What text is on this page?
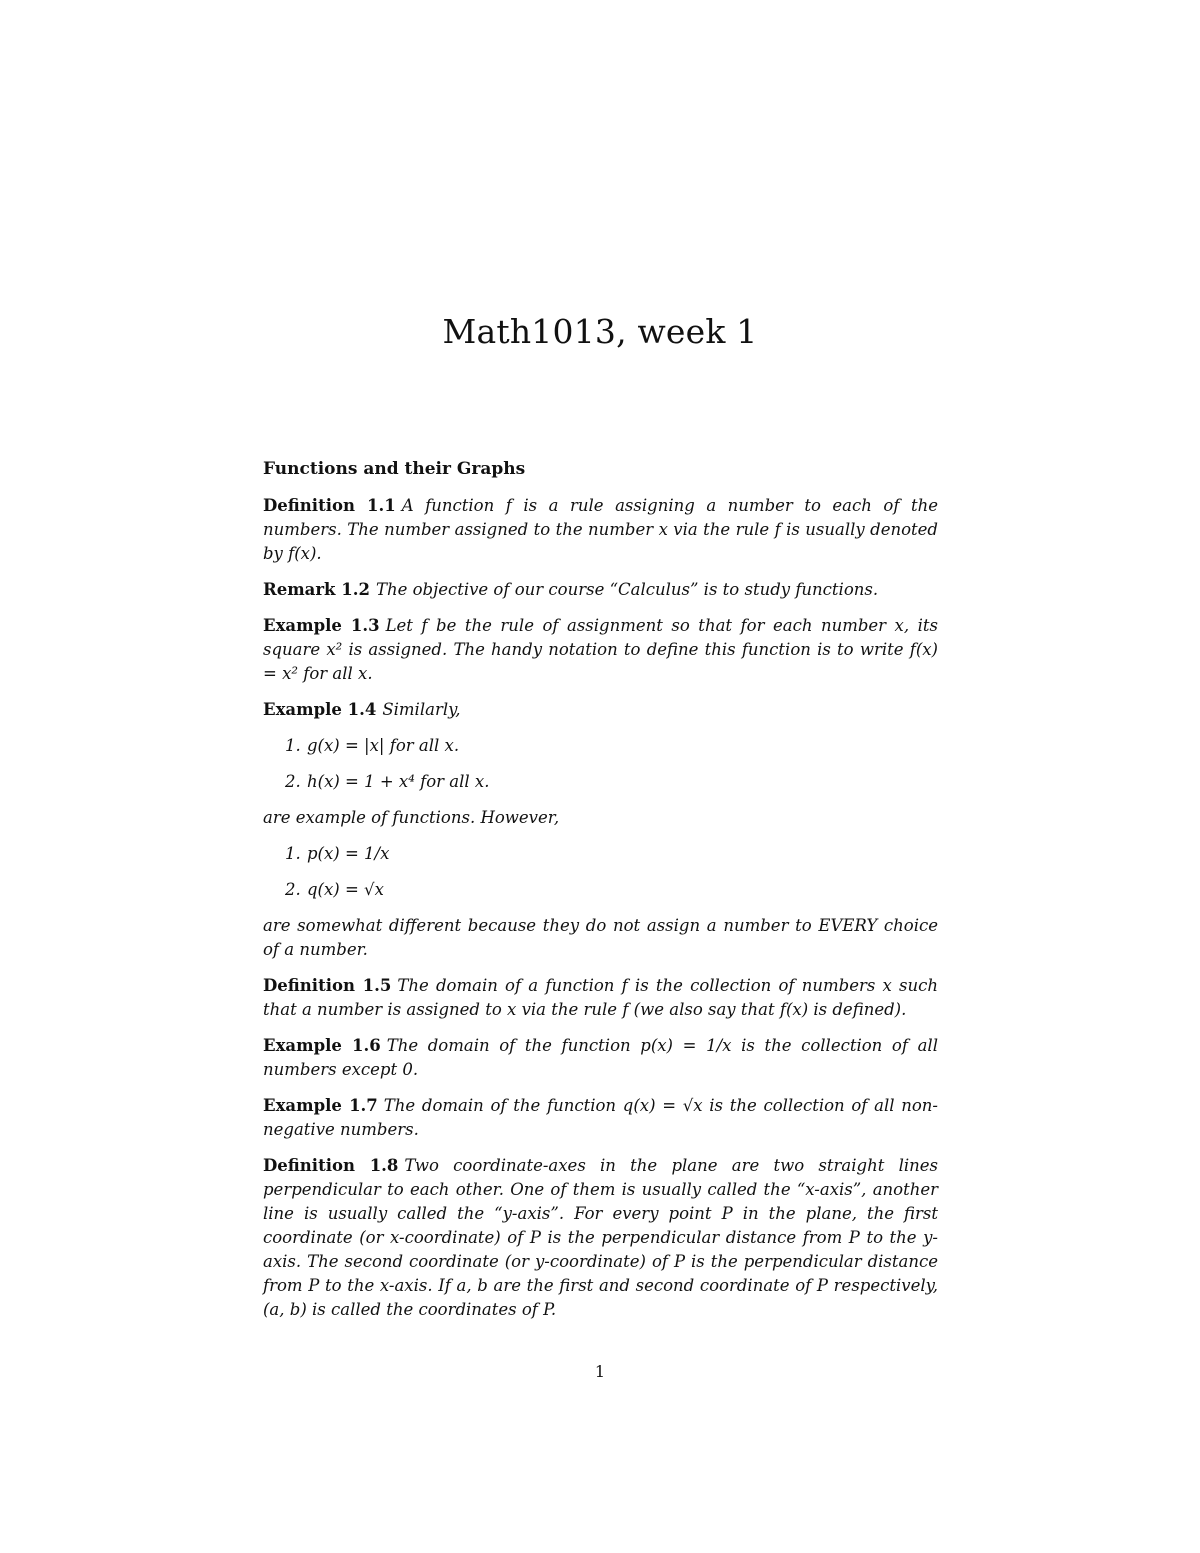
Math1013, week 1
Functions and their Graphs

Definition 1.1 A function f is a rule assigning a number to each of the numbers. The number assigned to the number x via the rule f is usually denoted by f(x).

Remark 1.2 The objective of our course “Calculus” is to study functions.

Example 1.3 Let f be the rule of assignment so that for each number x, its square x² is assigned. The handy notation to define this function is to write f(x) = x² for all x.

Example 1.4 Similarly,

1. g(x) = |x| for all x.
2. h(x) = 1 + x⁴ for all x.

are example of functions. However,

1. p(x) = 1/x
2. q(x) = √x

are somewhat different because they do not assign a number to EVERY choice of a number.

Definition 1.5 The domain of a function f is the collection of numbers x such that a number is assigned to x via the rule f (we also say that f(x) is defined).

Example 1.6 The domain of the function p(x) = 1/x is the collection of all numbers except 0.

Example 1.7 The domain of the function q(x) = √x is the collection of all non-negative numbers.

Definition 1.8 Two coordinate-axes in the plane are two straight lines perpendicular to each other. One of them is usually called the “x-axis”, another line is usually called the “y-axis”. For every point P in the plane, the first coordinate (or x-coordinate) of P is the perpendicular distance from P to the y-axis. The second coordinate (or y-coordinate) of P is the perpendicular distance from P to the x-axis. If a, b are the first and second coordinate of P respectively, (a, b) is called the coordinates of P.

1
